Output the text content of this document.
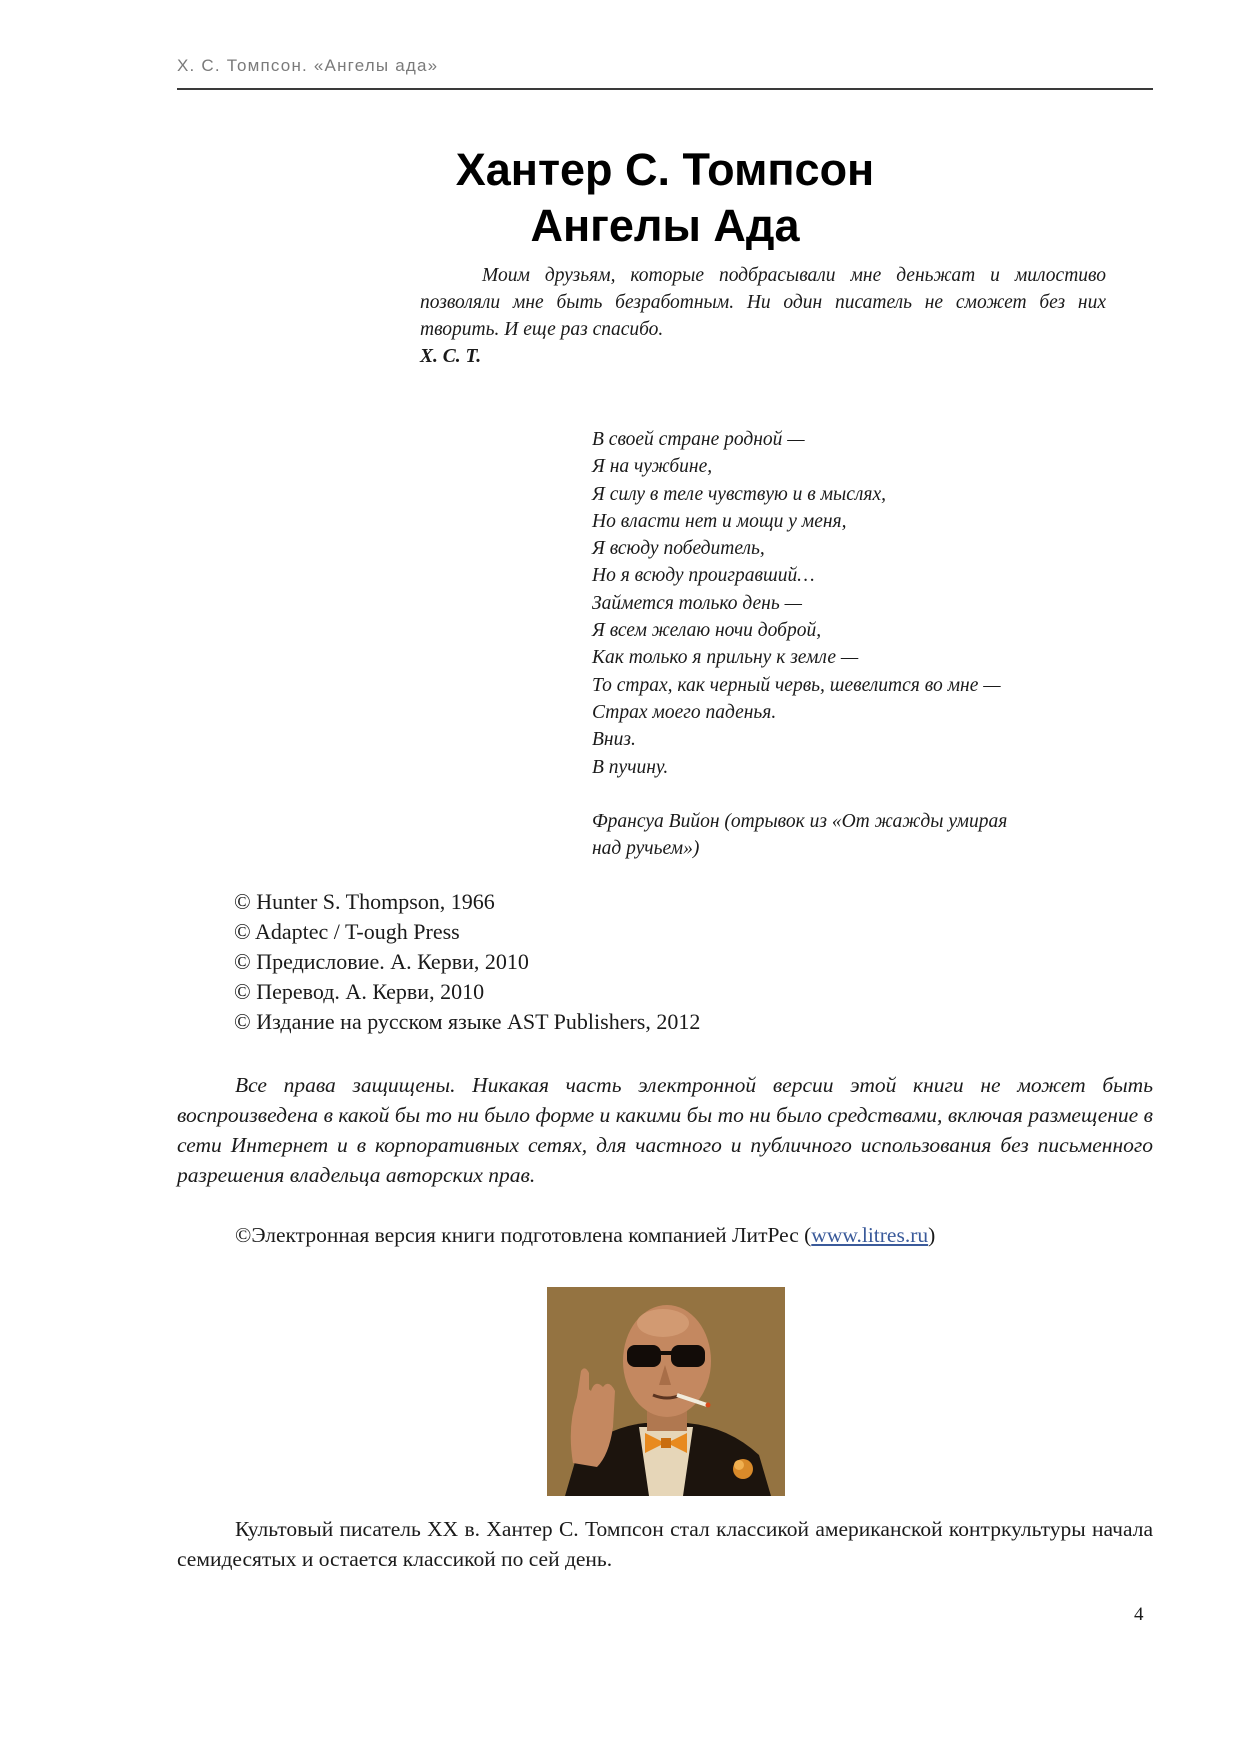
Х. С. Томпсон. «Ангелы ада»
Хантер С. Томпсон
Ангелы Ада
Моим друзьям, которые подбрасывали мне деньжат и милостиво позволяли мне быть безработным. Ни один писатель не сможет без них творить. И еще раз спасибо.
Х. С. Т.
В своей стране родной —
Я на чужбине,
Я силу в теле чувствую и в мыслях,
Но власти нет и мощи у меня,
Я всюду победитель,
Но я всюду проигравший…
Займется только день —
Я всем желаю ночи доброй,
Как только я прильну к земле —
То страх, как черный червь, шевелится во мне —
Страх моего паденья.
Вниз.
В пучину.
Франсуа Вийон (отрывок из «От жажды умирая
над ручьем»)
© Hunter S. Thompson, 1966
© Adaptec / T-ough Press
© Предисловие. А. Керви, 2010
© Перевод. А. Керви, 2010
© Издание на русском языке AST Publishers, 2012

Все права защищены. Никакая часть электронной версии этой книги не может быть воспроизведена в какой бы то ни было форме и какими бы то ни было средствами, включая размещение в сети Интернет и в корпоративных сетях, для частного и публичного использования без письменного разрешения владельца авторских прав.

©Электронная версия книги подготовлена компанией ЛитРес (www.litres.ru)

Культовый писатель XX в. Хантер С. Томпсон стал классикой американской контркультуры начала семидесятых и остается классикой по сей день.

4
